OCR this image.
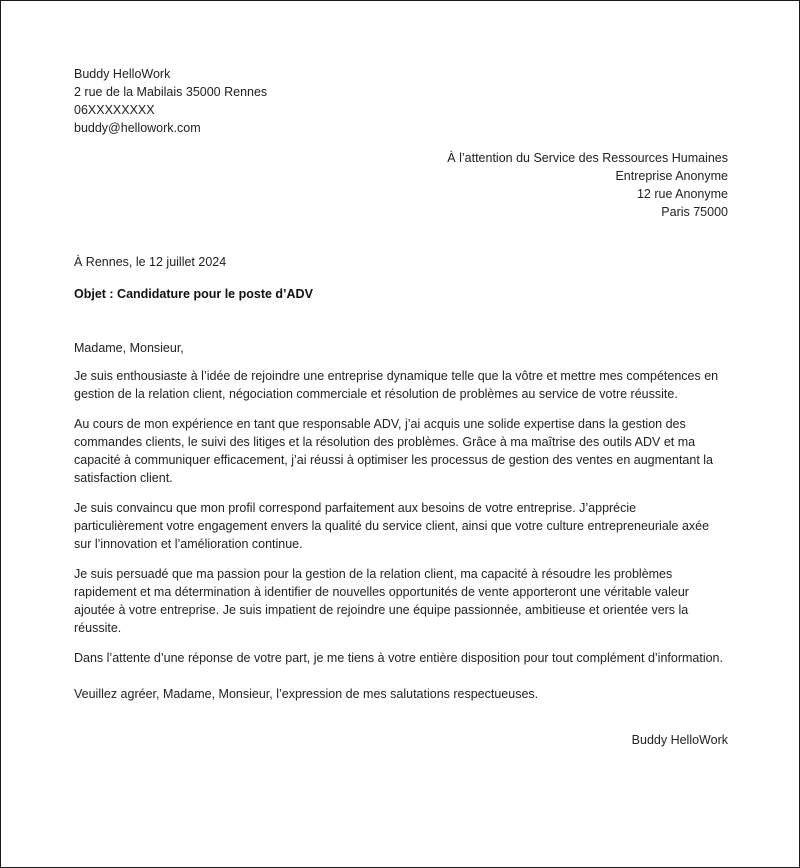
Buddy HelloWork
2 rue de la Mabilais 35000 Rennes
06XXXXXXXX
buddy@hellowork.com
À l’attention du Service des Ressources Humaines
Entreprise Anonyme
12 rue Anonyme
Paris 75000
À Rennes, le 12 juillet 2024
Objet : Candidature pour le poste d’ADV
Madame, Monsieur,
Je suis enthousiaste à l’idée de rejoindre une entreprise dynamique telle que la vôtre et mettre mes compétences en gestion de la relation client, négociation commerciale et résolution de problèmes au service de votre réussite.
Au cours de mon expérience en tant que responsable ADV, j’ai acquis une solide expertise dans la gestion des commandes clients, le suivi des litiges et la résolution des problèmes. Grâce à ma maîtrise des outils ADV et ma capacité à communiquer efficacement, j’ai réussi à optimiser les processus de gestion des ventes en augmentant la satisfaction client.
Je suis convaincu que mon profil correspond parfaitement aux besoins de votre entreprise. J’apprécie particulièrement votre engagement envers la qualité du service client, ainsi que votre culture entrepreneuriale axée sur l’innovation et l’amélioration continue.
Je suis persuadé que ma passion pour la gestion de la relation client, ma capacité à résoudre les problèmes rapidement et ma détermination à identifier de nouvelles opportunités de vente apporteront une véritable valeur ajoutée à votre entreprise. Je suis impatient de rejoindre une équipe passionnée, ambitieuse et orientée vers la réussite.
Dans l’attente d’une réponse de votre part, je me tiens à votre entière disposition pour tout complément d’information.
Veuillez agréer, Madame, Monsieur, l’expression de mes salutations respectueuses.
Buddy HelloWork
